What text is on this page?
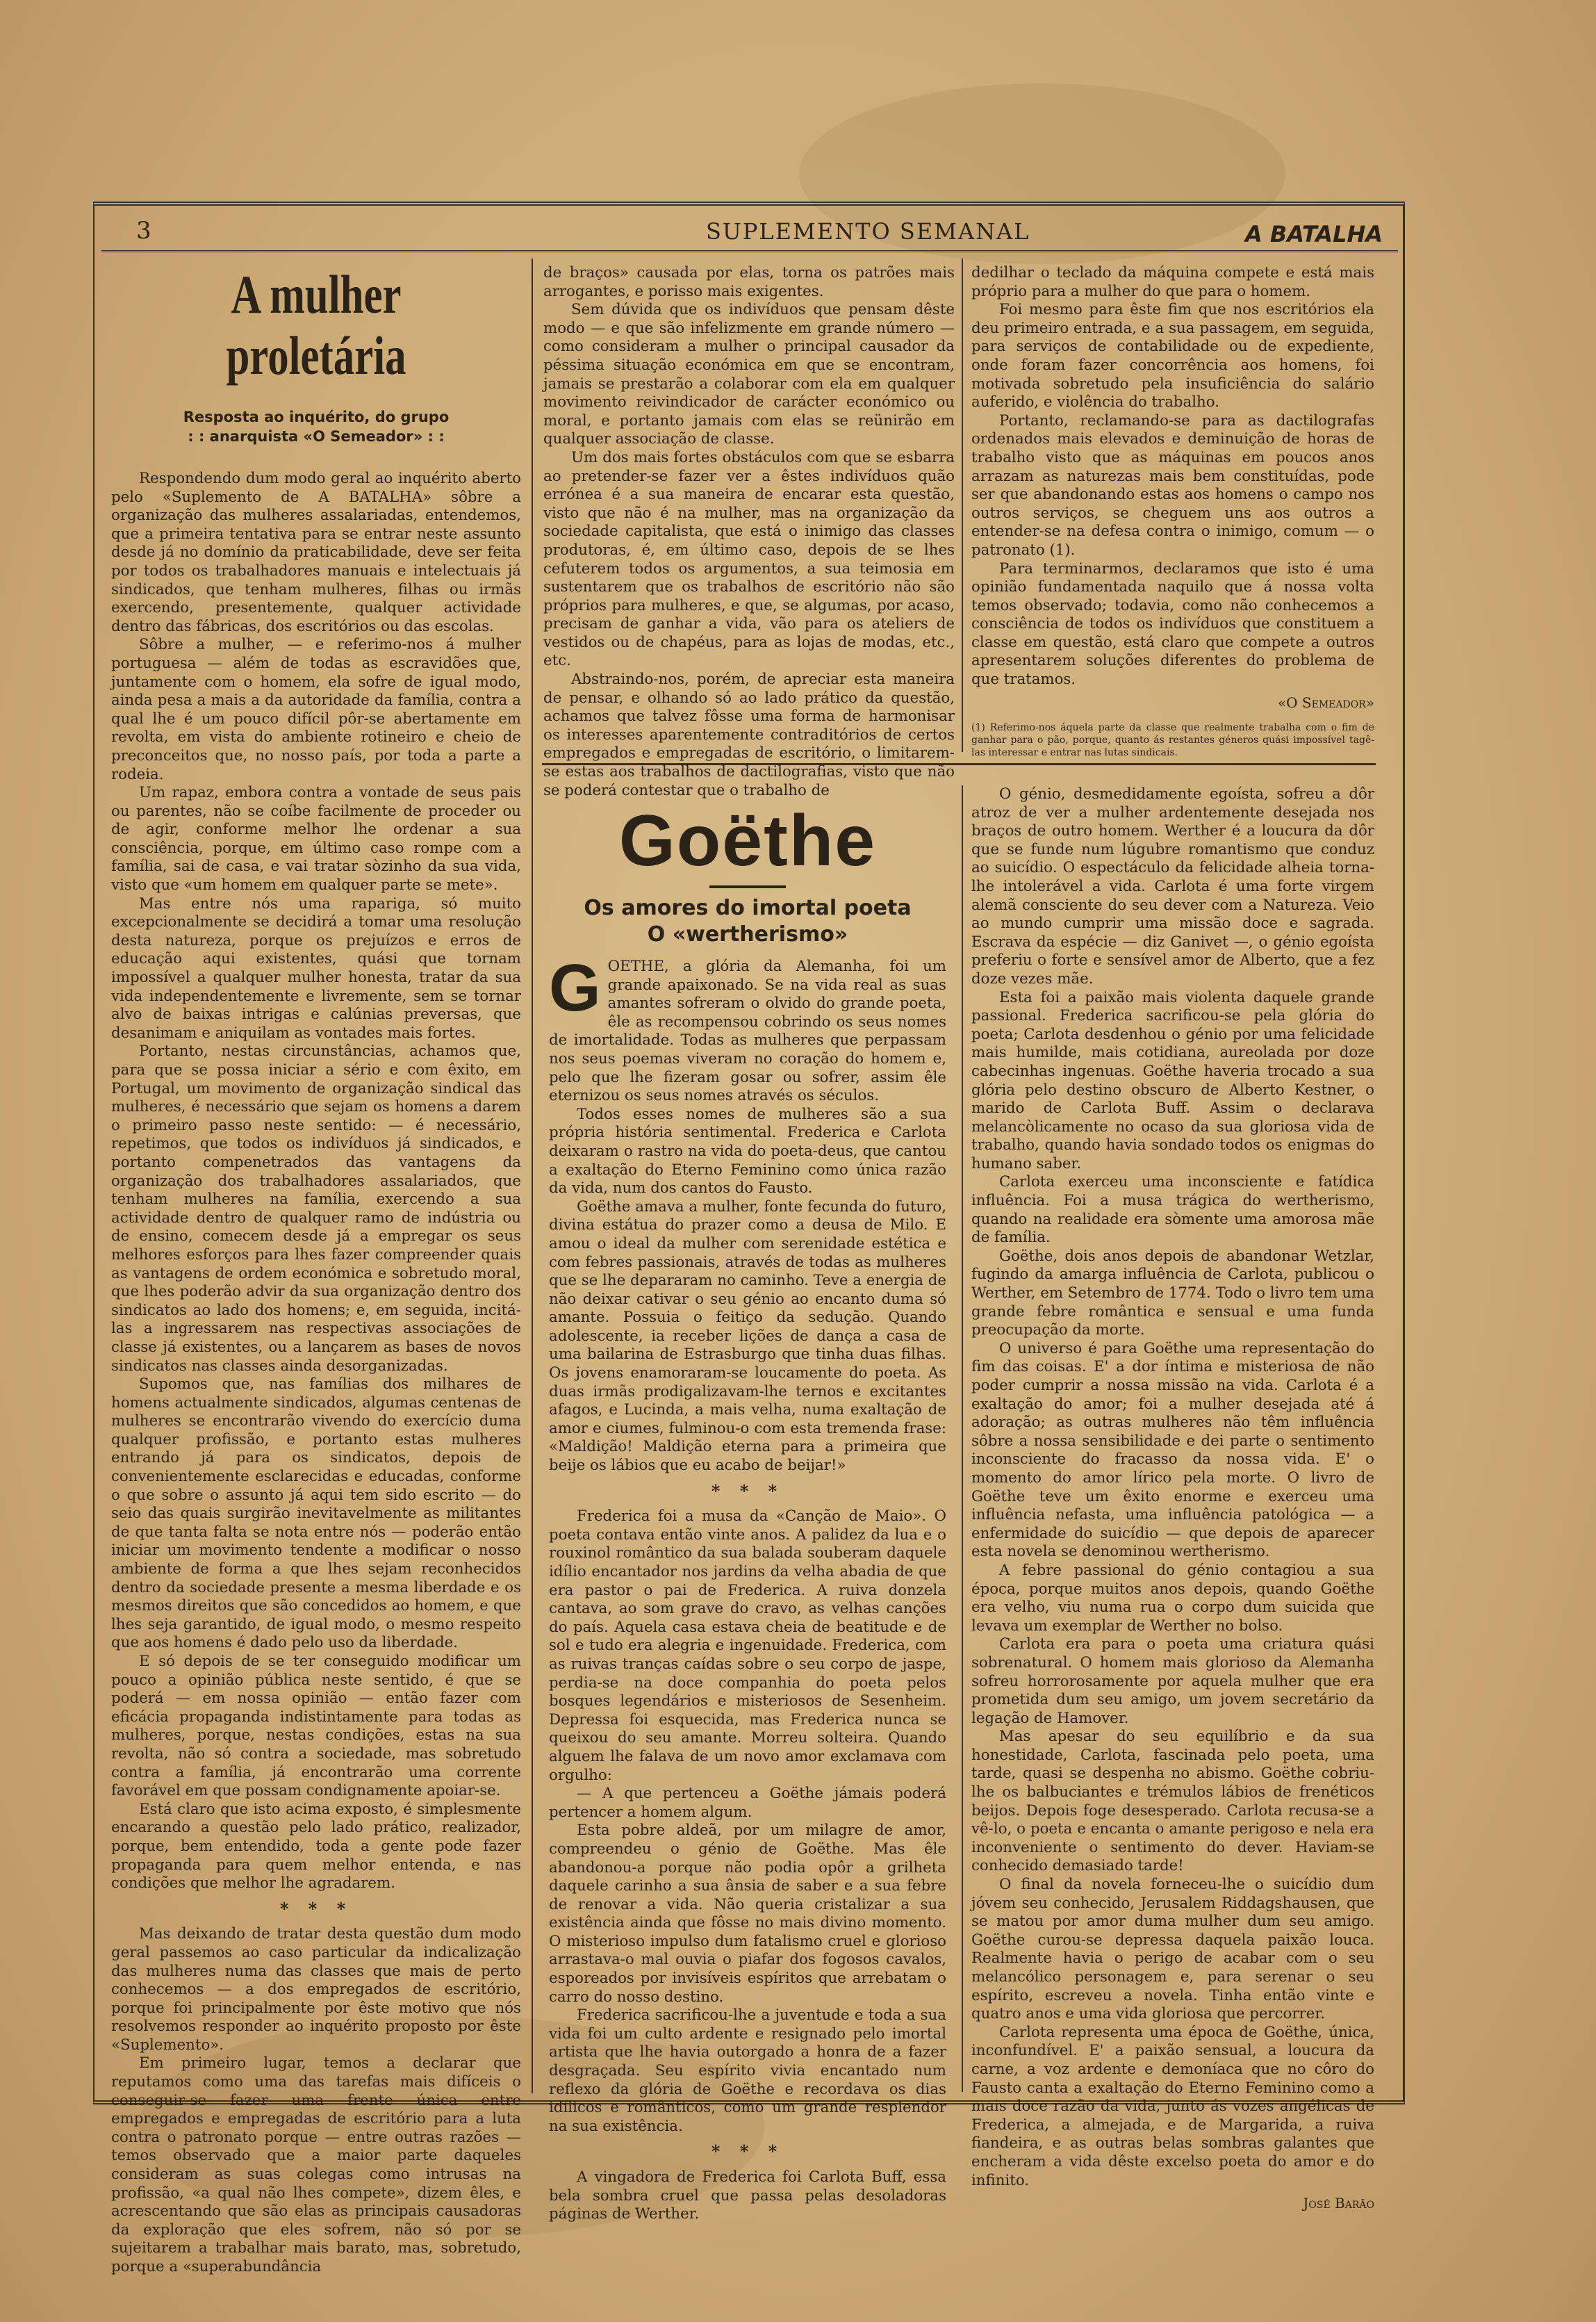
3	SUPLEMENTO SEMANAL	A BATALHA
A mulher proletária
Resposta ao inquérito, do grupo
: : anarquista «O Semeador» : :

Respondendo dum modo geral ao inquérito aberto pelo «Suplemento de A BATALHA» sôbre a organização das mulheres assalariadas, entendemos, que a primeira tentativa para se entrar neste assunto desde já no domínio da praticabilidade, deve ser feita por todos os trabalhadores manuais e intelectuais já sindicados, que tenham mulheres, filhas ou irmãs exercendo, presentemente, qualquer actividade dentro das fábricas, dos escritórios ou das escolas.

Sôbre a mulher, — e referimo-nos á mulher portuguesa — além de todas as escravidões que, juntamente com o homem, ela sofre de igual modo, ainda pesa a mais a da autoridade da família, contra a qual lhe é um pouco difícil pôr-se abertamente em revolta, em vista do ambiente rotineiro e cheio de preconceitos que, no nosso país, por toda a parte a rodeia.

Um rapaz, embora contra a vontade de seus pais ou parentes, não se coíbe facilmente de proceder ou de agir, conforme melhor lhe ordenar a sua consciência, porque, em último caso rompe com a família, sai de casa, e vai tratar sòzinho da sua vida, visto que «um homem em qualquer parte se mete».

Mas entre nós uma rapariga, só muito excepcionalmente se decidirá a tomar uma resolução desta natureza, porque os prejuízos e erros de educação aqui existentes, quási que tornam impossível a qualquer mulher honesta, tratar da sua vida independentemente e livremente, sem se tornar alvo de baixas intrigas e calúnias preversas, que desanimam e aniquilam as vontades mais fortes.

Portanto, nestas circunstâncias, achamos que, para que se possa iniciar a sério e com êxito, em Portugal, um movimento de organização sindical das mulheres, é necessário que sejam os homens a darem o primeiro passo neste sentido: — é necessário, repetimos, que todos os indivíduos já sindicados, e portanto compenetrados das vantagens da organização dos trabalhadores assalariados, que tenham mulheres na família, exercendo a sua actividade dentro de qualquer ramo de indústria ou de ensino, comecem desde já a empregar os seus melhores esforços para lhes fazer compreender quais as vantagens de ordem económica e sobretudo moral, que lhes poderão advir da sua organização dentro dos sindicatos ao lado dos homens; e, em seguida, incitá-las a ingressarem nas respectivas associações de classe já existentes, ou a lançarem as bases de novos sindicatos nas classes ainda desorganizadas.

Supomos que, nas famílias dos milhares de homens actualmente sindicados, algumas centenas de mulheres se encontrarão vivendo do exercício duma qualquer profissão, e portanto estas mulheres entrando já para os sindicatos, depois de convenientemente esclarecidas e educadas, conforme o que sobre o assunto já aqui tem sido escrito — do seio das quais surgirão inevitavelmente as militantes de que tanta falta se nota entre nós — poderão então iniciar um movimento tendente a modificar o nosso ambiente de forma a que lhes sejam reconhecidos dentro da sociedade presente a mesma liberdade e os mesmos direitos que são concedidos ao homem, e que lhes seja garantido, de igual modo, o mesmo respeito que aos homens é dado pelo uso da liberdade.

E só depois de se ter conseguido modificar um pouco a opinião pública neste sentido, é que se poderá — em nossa opinião — então fazer com eficácia propaganda indistintamente para todas as mulheres, porque, nestas condições, estas na sua revolta, não só contra a sociedade, mas sobretudo contra a família, já encontrarão uma corrente favorável em que possam condignamente apoiar-se.

Está claro que isto acima exposto, é simplesmente encarando a questão pelo lado prático, realizador, porque, bem entendido, toda a gente pode fazer propaganda para quem melhor entenda, e nas condições que melhor lhe agradarem.

* * *

Mas deixando de tratar desta questão dum modo geral passemos ao caso particular da indicalização das mulheres numa das classes que mais de perto conhecemos — a dos empregados de escritório, porque foi principalmente por êste motivo que nós resolvemos responder ao inquérito proposto por êste «Suplemento».

Em primeiro lugar, temos a declarar que reputamos como uma das tarefas mais difíceis o conseguir-se fazer uma frente única entre empregados e empregadas de escritório para a luta contra o patronato porque — entre outras razões — temos observado que a maior parte daqueles consideram as suas colegas como intrusas na profissão, «a qual não lhes compete», dizem êles, e acrescentando que são elas as principais causadoras da exploração que eles sofrem, não só por se sujeitarem a trabalhar mais barato, mas, sobretudo, porque a «superabundância

de braços» causada por elas, torna os patrões mais arrogantes, e porisso mais exigentes.

Sem dúvida que os indivíduos que pensam dêste modo — e que são infelizmente em grande número — como consideram a mulher o principal causador da péssima situação económica em que se encontram, jamais se prestarão a colaborar com ela em qualquer movimento reivindicador de carácter económico ou moral, e portanto jamais com elas se reünirão em qualquer associação de classe.

Um dos mais fortes obstáculos com que se esbarra ao pretender-se fazer ver a êstes indivíduos quão errónea é a sua maneira de encarar esta questão, visto que não é na mulher, mas na organização da sociedade capitalista, que está o inimigo das classes produtoras, é, em último caso, depois de se lhes cefuterem todos os argumentos, a sua teimosia em sustentarem que os trabalhos de escritório não são próprios para mulheres, e que, se algumas, por acaso, precisam de ganhar a vida, vão para os ateliers de vestidos ou de chapéus, para as lojas de modas, etc., etc.

Abstraindo-nos, porém, de apreciar esta maneira de pensar, e olhando só ao lado prático da questão, achamos que talvez fôsse uma forma de harmonisar os interesses aparentemente contraditórios de certos empregados e empregadas de escritório, o limitarem-se estas aos trabalhos de dactilografias, visto que não se poderá contestar que o trabalho de

dedilhar o teclado da máquina compete e está mais próprio para a mulher do que para o homem.

Foi mesmo para êste fim que nos escritórios ela deu primeiro entrada, e a sua passagem, em seguida, para serviços de contabilidade ou de expediente, onde foram fazer concorrência aos homens, foi motivada sobretudo pela insuficiência do salário auferido, e violência do trabalho.

Portanto, reclamando-se para as dactilografas ordenados mais elevados e deminuição de horas de trabalho visto que as máquinas em poucos anos arrazam as naturezas mais bem constituídas, pode ser que abandonando estas aos homens o campo nos outros serviços, se cheguem uns aos outros a entender-se na defesa contra o inimigo, comum — o patronato (1).

Para terminarmos, declaramos que isto é uma opinião fundamentada naquilo que á nossa volta temos observado; todavia, como não conhecemos a consciência de todos os indivíduos que constituem a classe em questão, está claro que compete a outros apresentarem soluções diferentes do problema de que tratamos.

«O Semeador»
(1) Referimo-nos áquela parte da classe que realmente trabalha com o fim de ganhar para o pão, porque, quanto ás restantes géneros quási impossível tagê-las interessar e entrar nas lutas sindicais.
Goëthe
Os amores do imortal poeta
O «wertherismo»
G OETHE, a glória da Alemanha, foi um grande apaixonado. Se na vida real as suas amantes sofreram o olvido do grande poeta, êle as recompensou cobrindo os seus nomes de imortalidade. Todas as mulheres que perpassam nos seus poemas viveram no coração do homem e, pelo que lhe fizeram gosar ou sofrer, assim êle eternizou os seus nomes através os séculos.

Todos esses nomes de mulheres são a sua própria história sentimental. Frederica e Carlota deixaram o rastro na vida do poeta-deus, que cantou a exaltação do Eterno Feminino como única razão da vida, num dos cantos do Fausto.

Goëthe amava a mulher, fonte fecunda do futuro, divina estátua do prazer como a deusa de Milo. E amou o ideal da mulher com serenidade estética e com febres passionais, através de todas as mulheres que se lhe depararam no caminho. Teve a energia de não deixar cativar o seu génio ao encanto duma só amante. Possuia o feitiço da sedução. Quando adolescente, ia receber lições de dança a casa de uma bailarina de Estrasburgo que tinha duas filhas. Os jovens enamoraram-se loucamente do poeta. As duas irmãs prodigalizavam-lhe ternos e excitantes afagos, e Lucinda, a mais velha, numa exaltação de amor e ciumes, fulminou-o com esta tremenda frase: «Maldição! Maldição eterna para a primeira que beije os lábios que eu acabo de beijar!»

* * *

Frederica foi a musa da «Canção de Maio». O poeta contava então vinte anos. A palidez da lua e o rouxinol romântico da sua balada souberam daquele idílio encantador nos jardins da velha abadia de que era pastor o pai de Frederica. A ruiva donzela cantava, ao som grave do cravo, as velhas canções do país. Aquela casa estava cheia de beatitude e de sol e tudo era alegria e ingenuidade. Frederica, com as ruivas tranças caídas sobre o seu corpo de jaspe, perdia-se na doce companhia do poeta pelos bosques legendários e misteriosos de Sesenheim. Depressa foi esquecida, mas Frederica nunca se queixou do seu amante. Morreu solteira. Quando alguem lhe falava de um novo amor exclamava com orgulho:

— A que pertenceu a Goëthe jámais poderá pertencer a homem algum.

Esta pobre aldeã, por um milagre de amor, compreendeu o génio de Goëthe. Mas êle abandonou-a porque não podia opôr a grilheta daquele carinho a sua ânsia de saber e a sua febre de renovar a vida. Não queria cristalizar a sua existência ainda que fôsse no mais divino momento. O misterioso impulso dum fatalismo cruel e glorioso arrastava-o mal ouvia o piafar dos fogosos cavalos, esporeados por invisíveis espíritos que arrebatam o carro do nosso destino.

Frederica sacrificou-lhe a juventude e toda a sua vida foi um culto ardente e resignado pelo imortal artista que lhe havia outorgado a honra de a fazer desgraçada. Seu espírito vivia encantado num reflexo da glória de Goëthe e recordava os dias idílicos e românticos, como um grande resplendor na sua existência.

* * *

A vingadora de Frederica foi Carlota Buff, essa bela sombra cruel que passa pelas desoladoras páginas de Werther.

O génio, desmedidamente egoísta, sofreu a dôr atroz de ver a mulher ardentemente desejada nos braços de outro homem. Werther é a loucura da dôr que se funde num lúgubre romantismo que conduz ao suicídio. O espectáculo da felicidade alheia torna-lhe intolerável a vida. Carlota é uma forte virgem alemã consciente do seu dever com a Natureza. Veio ao mundo cumprir uma missão doce e sagrada. Escrava da espécie — diz Ganivet —, o génio egoísta preferiu o forte e sensível amor de Alberto, que a fez doze vezes mãe.

Esta foi a paixão mais violenta daquele grande passional. Frederica sacrificou-se pela glória do poeta; Carlota desdenhou o génio por uma felicidade mais humilde, mais cotidiana, aureolada por doze cabecinhas ingenuas. Goëthe haveria trocado a sua glória pelo destino obscuro de Alberto Kestner, o marido de Carlota Buff. Assim o declarava melancòlicamente no ocaso da sua gloriosa vida de trabalho, quando havia sondado todos os enigmas do humano saber.

Carlota exerceu uma inconsciente e fatídica influência. Foi a musa trágica do wertherismo, quando na realidade era sòmente uma amorosa mãe de família.

Goëthe, dois anos depois de abandonar Wetzlar, fugindo da amarga influência de Carlota, publicou o Werther, em Setembro de 1774. Todo o livro tem uma grande febre romântica e sensual e uma funda preocupação da morte.

O universo é para Goëthe uma representação do fim das coisas. E' a dor íntima e misteriosa de não poder cumprir a nossa missão na vida. Carlota é a exaltação do amor; foi a mulher desejada até á adoração; as outras mulheres não têm influência sôbre a nossa sensibilidade e dei parte o sentimento inconsciente do fracasso da nossa vida. E' o momento do amor lírico pela morte. O livro de Goëthe teve um êxito enorme e exerceu uma influência nefasta, uma influência patológica — a enfermidade do suicídio — que depois de aparecer esta novela se denominou wertherismo.

A febre passional do génio contagiou a sua época, porque muitos anos depois, quando Goëthe era velho, viu numa rua o corpo dum suicida que levava um exemplar de Werther no bolso.

Carlota era para o poeta uma criatura quási sobrenatural. O homem mais glorioso da Alemanha sofreu horrorosamente por aquela mulher que era prometida dum seu amigo, um jovem secretário da legação de Hamover.

Mas apesar do seu equilíbrio e da sua honestidade, Carlota, fascinada pelo poeta, uma tarde, quasi se despenha no abismo. Goëthe cobriu-lhe os balbuciantes e trémulos lábios de frenéticos beijos. Depois foge desesperado. Carlota recusa-se a vê-lo, o poeta e encanta o amante perigoso e nela era inconveniente o sentimento do dever. Haviam-se conhecido demasiado tarde!

O final da novela forneceu-lhe o suicídio dum jóvem seu conhecido, Jerusalem Riddagshausen, que se matou por amor duma mulher dum seu amigo. Goëthe curou-se depressa daquela paixão louca. Realmente havia o perigo de acabar com o seu melancólico personagem e, para serenar o seu espírito, escreveu a novela. Tinha então vinte e quatro anos e uma vida gloriosa que percorrer.

Carlota representa uma época de Goëthe, única, inconfundível. E' a paixão sensual, a loucura da carne, a voz ardente e demoníaca que no côro do Fausto canta a exaltação do Eterno Feminino como a mais doce razão da vida, junto ás vozes angélicas de Frederica, a almejada, e de Margarida, a ruiva fiandeira, e as outras belas sombras galantes que encheram a vida dêste excelso poeta do amor e do infinito.

José Barão
